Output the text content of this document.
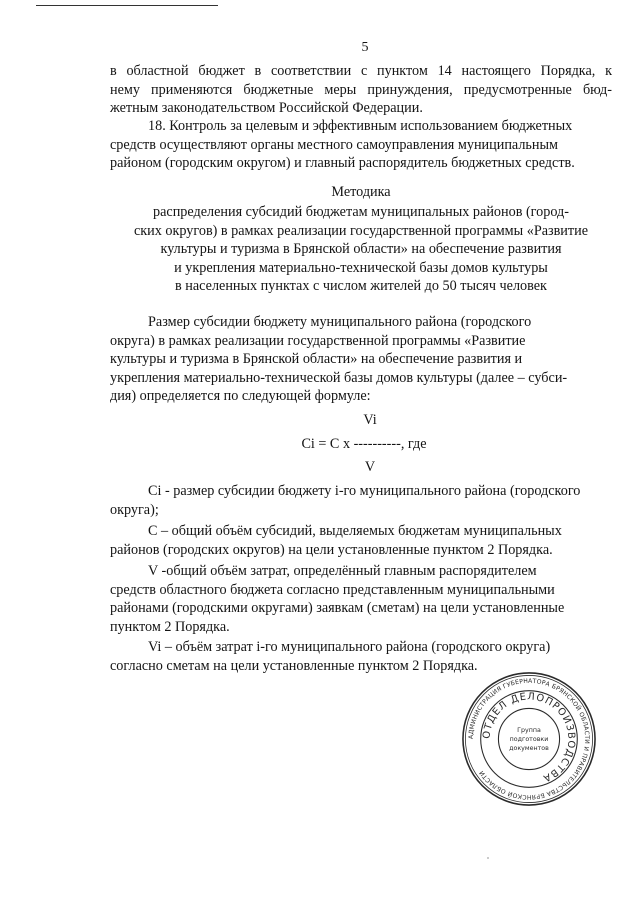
5

в областной бюджет в соответствии с пунктом 14 настоящего Порядка, к
нему применяются бюджетные меры принуждения, предусмотренные бюд-
жетным законодательством Российской Федерации.

18. Контроль за целевым и эффективным использованием бюджетных
средств осуществляют органы местного самоуправления муниципальным
районом (городским округом) и главный распорядитель бюджетных средств.

Методика
распределения субсидий бюджетам муниципальных районов (город-
ских округов) в рамках реализации государственной программы «Развитие
культуры и туризма в Брянской области» на обеспечение развития
и укрепления материально-технической базы домов культуры
в населенных пунктах с числом жителей до 50 тысяч человек

Размер субсидии бюджету муниципального района (городского
округа) в рамках реализации государственной программы «Развитие
культуры и туризма в Брянской области» на обеспечение развития и
укрепления материально-технической базы домов культуры (далее – субси-
дия) определяется по следующей формуле:

Vi
Ci = C x ----------, где
V

Ci - размер субсидии бюджету i-го муниципального района (городского
округа);

С – общий объём субсидий, выделяемых бюджетам муниципальных
районов (городских округов) на цели установленные пунктом 2 Порядка.

V -общий объём затрат, определённый главным распорядителем
средств областного бюджета согласно представленным муниципальными
районами (городскими округами) заявкам (сметам) на цели установленные
пунктом 2 Порядка.

Vi – объём затрат i-го муниципального района (городского округа)
согласно сметам на цели установленные пунктом 2 Порядка.

АДМИНИСТРАЦИЯ ГУБЕРНАТОРА БРЯНСКОЙ ОБЛАСТИ И ПРАВИТЕЛЬСТВА БРЯНСКОЙ ОБЛАСТИ
ОТДЕЛ ДЕЛОПРОИЗВОДСТВА
Группа
подготовки
документов
